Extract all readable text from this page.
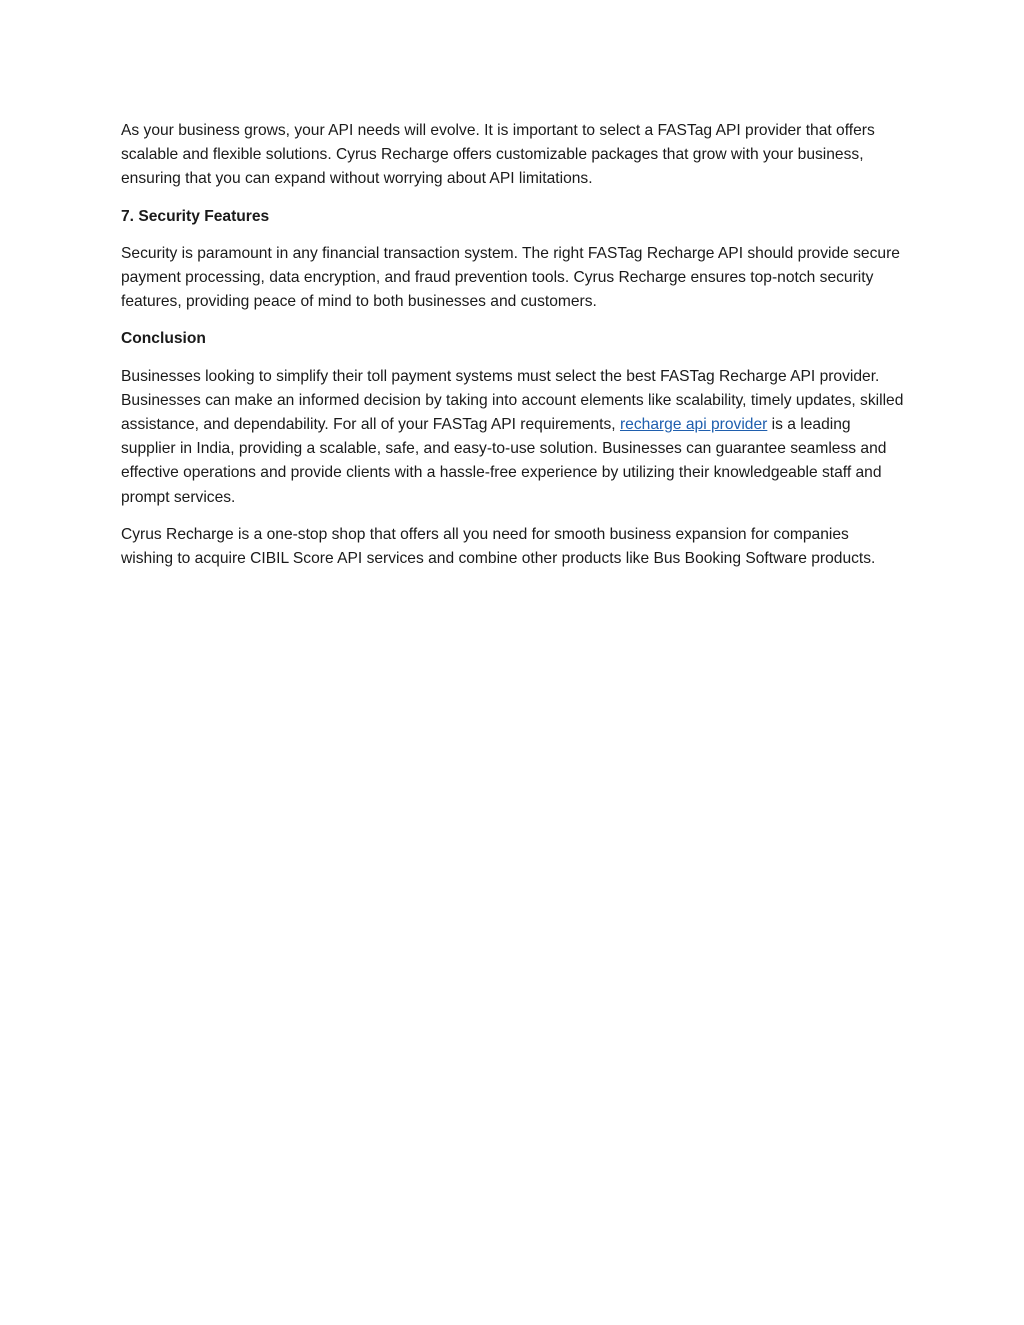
As your business grows, your API needs will evolve. It is important to select a FASTag API provider that offers scalable and flexible solutions. Cyrus Recharge offers customizable packages that grow with your business, ensuring that you can expand without worrying about API limitations.

7. Security Features

Security is paramount in any financial transaction system. The right FASTag Recharge API should provide secure payment processing, data encryption, and fraud prevention tools. Cyrus Recharge ensures top-notch security features, providing peace of mind to both businesses and customers.

Conclusion

Businesses looking to simplify their toll payment systems must select the best FASTag Recharge API provider. Businesses can make an informed decision by taking into account elements like scalability, timely updates, skilled assistance, and dependability. For all of your FASTag API requirements, recharge api provider is a leading supplier in India, providing a scalable, safe, and easy-to-use solution. Businesses can guarantee seamless and effective operations and provide clients with a hassle-free experience by utilizing their knowledgeable staff and prompt services.

Cyrus Recharge is a one-stop shop that offers all you need for smooth business expansion for companies wishing to acquire CIBIL Score API services and combine other products like Bus Booking Software products.
